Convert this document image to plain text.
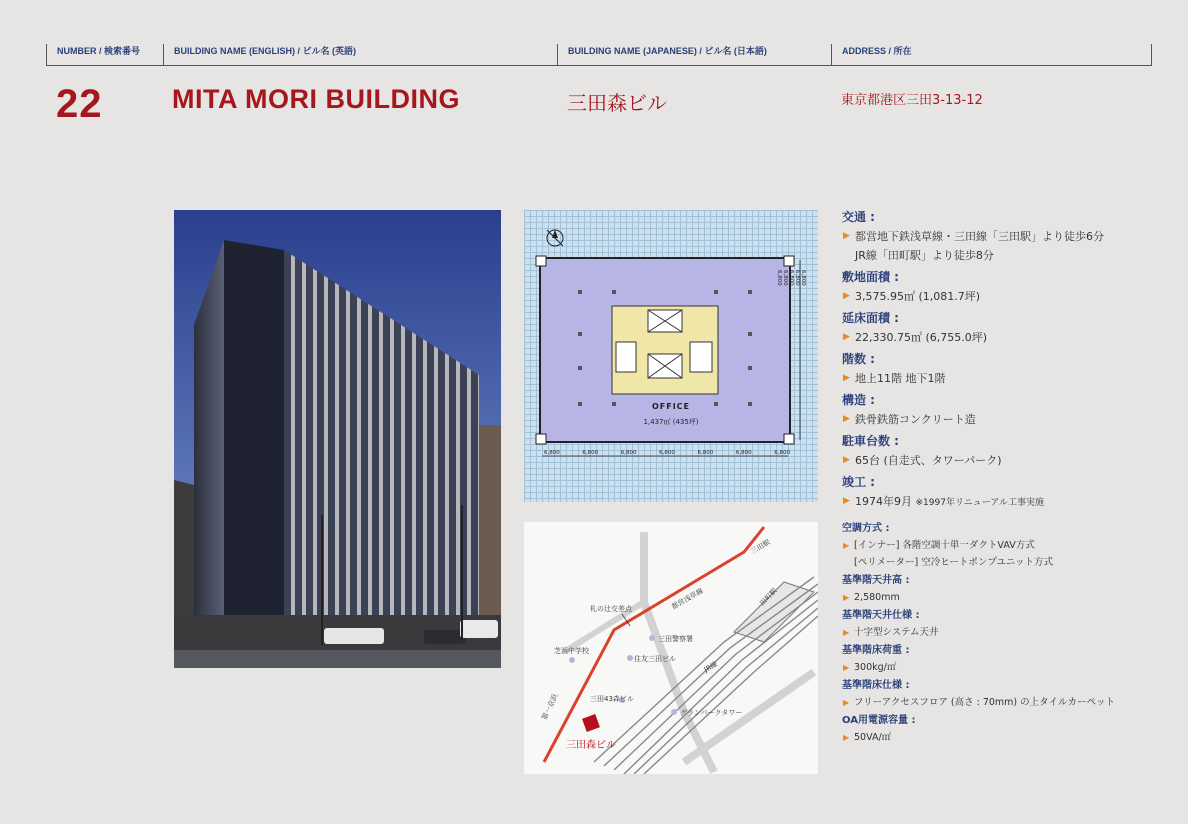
NUMBER / 検索番号	BUILDING NAME (ENGLISH) / ビル名 (英語)	BUILDING NAME (JAPANESE) / ビル名 (日本語)	ADDRESS / 所在
22	MITA MORI BUILDING	三田森ビル	東京都港区三田3-13-12
OFFICE
1,437㎡ (435坪)
6,800	6,800	6,800	6,800	6,800	6,800	6,800
6,800
6,800
6,800
6,800
6,800
三田駅
都営浅草線	田町駅
札の辻交差点
三田警察署
芝浜中学校
住友三田ビル
JR線
第一京浜	三田43森ビル
グランパークタワー
三田森ビル
交通 :
▶ 都営地下鉄浅草線・三田線「三田駅」より徒歩6分
JR線「田町駅」より徒歩8分
敷地面積 :
▶ 3,575.95㎡ (1,081.7坪)
延床面積 :
▶ 22,330.75㎡ (6,755.0坪)
階数 :
▶ 地上11階 地下1階
構造 :
▶ 鉄骨鉄筋コンクリート造
駐車台数 :
▶ 65台 (自走式、タワーパーク)
竣工 :
▶ 1974年9月 ※1997年リニューアル工事実施
空調方式 :
▶ [インナー] 各階空調十単一ダクトVAV方式
[ペリメーター] 空冷ヒートポンプユニット方式
基準階天井高 :
▶ 2,580mm
基準階天井仕様 :
▶ 十字型システム天井
基準階床荷重 :
▶ 300kg/㎡
基準階床仕様 :
▶ フリーアクセスフロア (高さ : 70mm) の上タイルカーペット
OA用電源容量 :
▶ 50VA/㎡
